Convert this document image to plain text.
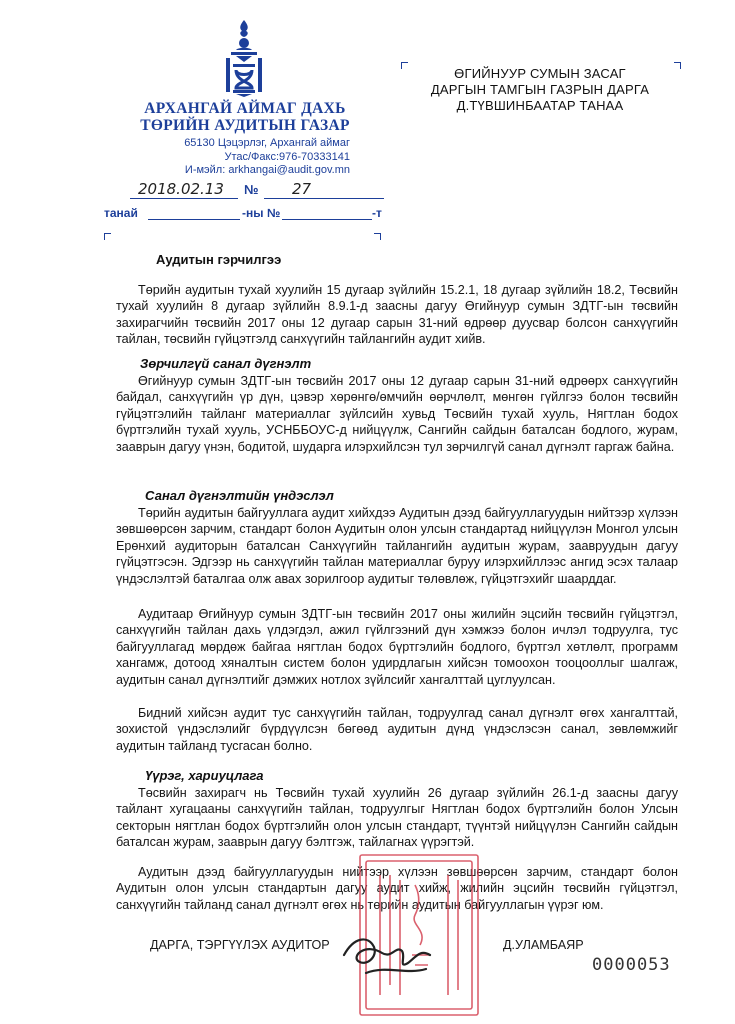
АРХАНГАЙ АЙМАГ ДАХЬ
ТӨРИЙН АУДИТЫН ГАЗАР
65130 Цэцэрлэг, Архангай аймаг
Утас/Факс:976-70333141
И-мэйл: arkhangai@audit.gov.mn
2018.02.13 № 27
танай	-ны №	-т
ӨГИЙНУУР СУМЫН ЗАСАГ
ДАРГЫН ТАМГЫН ГАЗРЫН ДАРГА
Д.ТҮВШИНБААТАР ТАНАА
Аудитын гэрчилгээ
Төрийн аудитын тухай хуулийн 15 дугаар зүйлийн 15.2.1, 18 дугаар зүйлийн 18.2, Төсвийн тухай хуулийн 8 дугаар зүйлийн 8.9.1-д заасны дагуу Өгийнуур сумын ЗДТГ-ын төсвийн захирагчийн төсвийн 2017 оны 12 дугаар сарын 31-ний өдрөөр дуусвар болсон санхүүгийн тайлан, төсвийн гүйцэтгэлд санхүүгийн тайлангийн аудит хийв.
Зөрчилгүй санал дүгнэлт
Өгийнуур сумын ЗДТГ-ын төсвийн 2017 оны 12 дугаар сарын 31-ний өдрөөрх санхүүгийн байдал, санхүүгийн үр дүн, цэвэр хөрөнгө/өмчийн өөрчлөлт, мөнгөн гүйлгээ болон төсвийн гүйцэтгэлийн тайланг материаллаг зүйлсийн хувьд Төсвийн тухай хууль, Нягтлан бодох бүртгэлийн тухай хууль, УСНББОУС-д нийцүүлж, Сангийн сайдын баталсан бодлого, журам, зааврын дагуу үнэн, бодитой, шударга илэрхийлсэн тул зөрчилгүй санал дүгнэлт гаргаж байна.
Санал дүгнэлтийн үндэслэл
Төрийн аудитын байгууллага аудит хийхдээ Аудитын дээд байгууллагуудын нийтээр хүлээн зөвшөөрсөн зарчим, стандарт болон Аудитын олон улсын стандартад нийцүүлэн Монгол улсын Ерөнхий аудиторын баталсан Санхүүгийн тайлангийн аудитын журам, заавруудын дагуу гүйцэтгэсэн. Эдгээр нь санхүүгийн тайлан материаллаг буруу илэрхийллээс ангид эсэх талаар үндэслэлтэй баталгаа олж авах зорилгоор аудитыг төлөвлөж, гүйцэтгэхийг шаарддаг.
Аудитаар Өгийнуур сумын ЗДТГ-ын төсвийн 2017 оны жилийн эцсийн төсвийн гүйцэтгэл, санхүүгийн тайлан дахь үлдэгдэл, ажил гүйлгээний дүн хэмжээ болон ичлэл тодруулга, тус байгууллагад мөрдөж байгаа нягтлан бодох бүртгэлийн бодлого, бүртгэл хөтлөлт, программ хангамж, дотоод хяналтын систем болон удирдлагын хийсэн томоохон тооцооллыг шалгаж, аудитын санал дүгнэлтийг дэмжих нотлох зүйлсийг хангалттай цуглуулсан.
Бидний хийсэн аудит тус санхүүгийн тайлан, тодруулгад санал дүгнэлт өгөх хангалттай, зохистой үндэслэлийг бүрдүүлсэн бөгөөд аудитын дүнд үндэслэсэн санал, зөвлөмжийг аудитын тайланд тусгасан болно.
Үүрэг, хариуцлага
Төсвийн захирагч нь Төсвийн тухай хуулийн 26 дугаар зүйлийн 26.1-д заасны дагуу тайлант хугацааны санхүүгийн тайлан, тодруулгыг Нягтлан бодох бүртгэлийн болон Улсын секторын нягтлан бодох бүртгэлийн олон улсын стандарт, түүнтэй нийцүүлэн Сангийн сайдын баталсан журам, зааврын дагуу бэлтгэж, тайлагнах үүрэгтэй.
Аудитын дээд байгууллагуудын нийтээр хүлээн зөвшөөрсөн зарчим, стандарт болон Аудитын олон улсын стандартын дагуу аудит хийж, жилийн эцсийн төсвийн гүйцэтгэл, санхүүгийн тайланд санал дүгнэлт өгөх нь төрийн аудитын байгууллагын үүрэг юм.
ДАРГА, ТЭРГҮҮЛЭХ АУДИТОР	Д.УЛАМБАЯР
0000053
